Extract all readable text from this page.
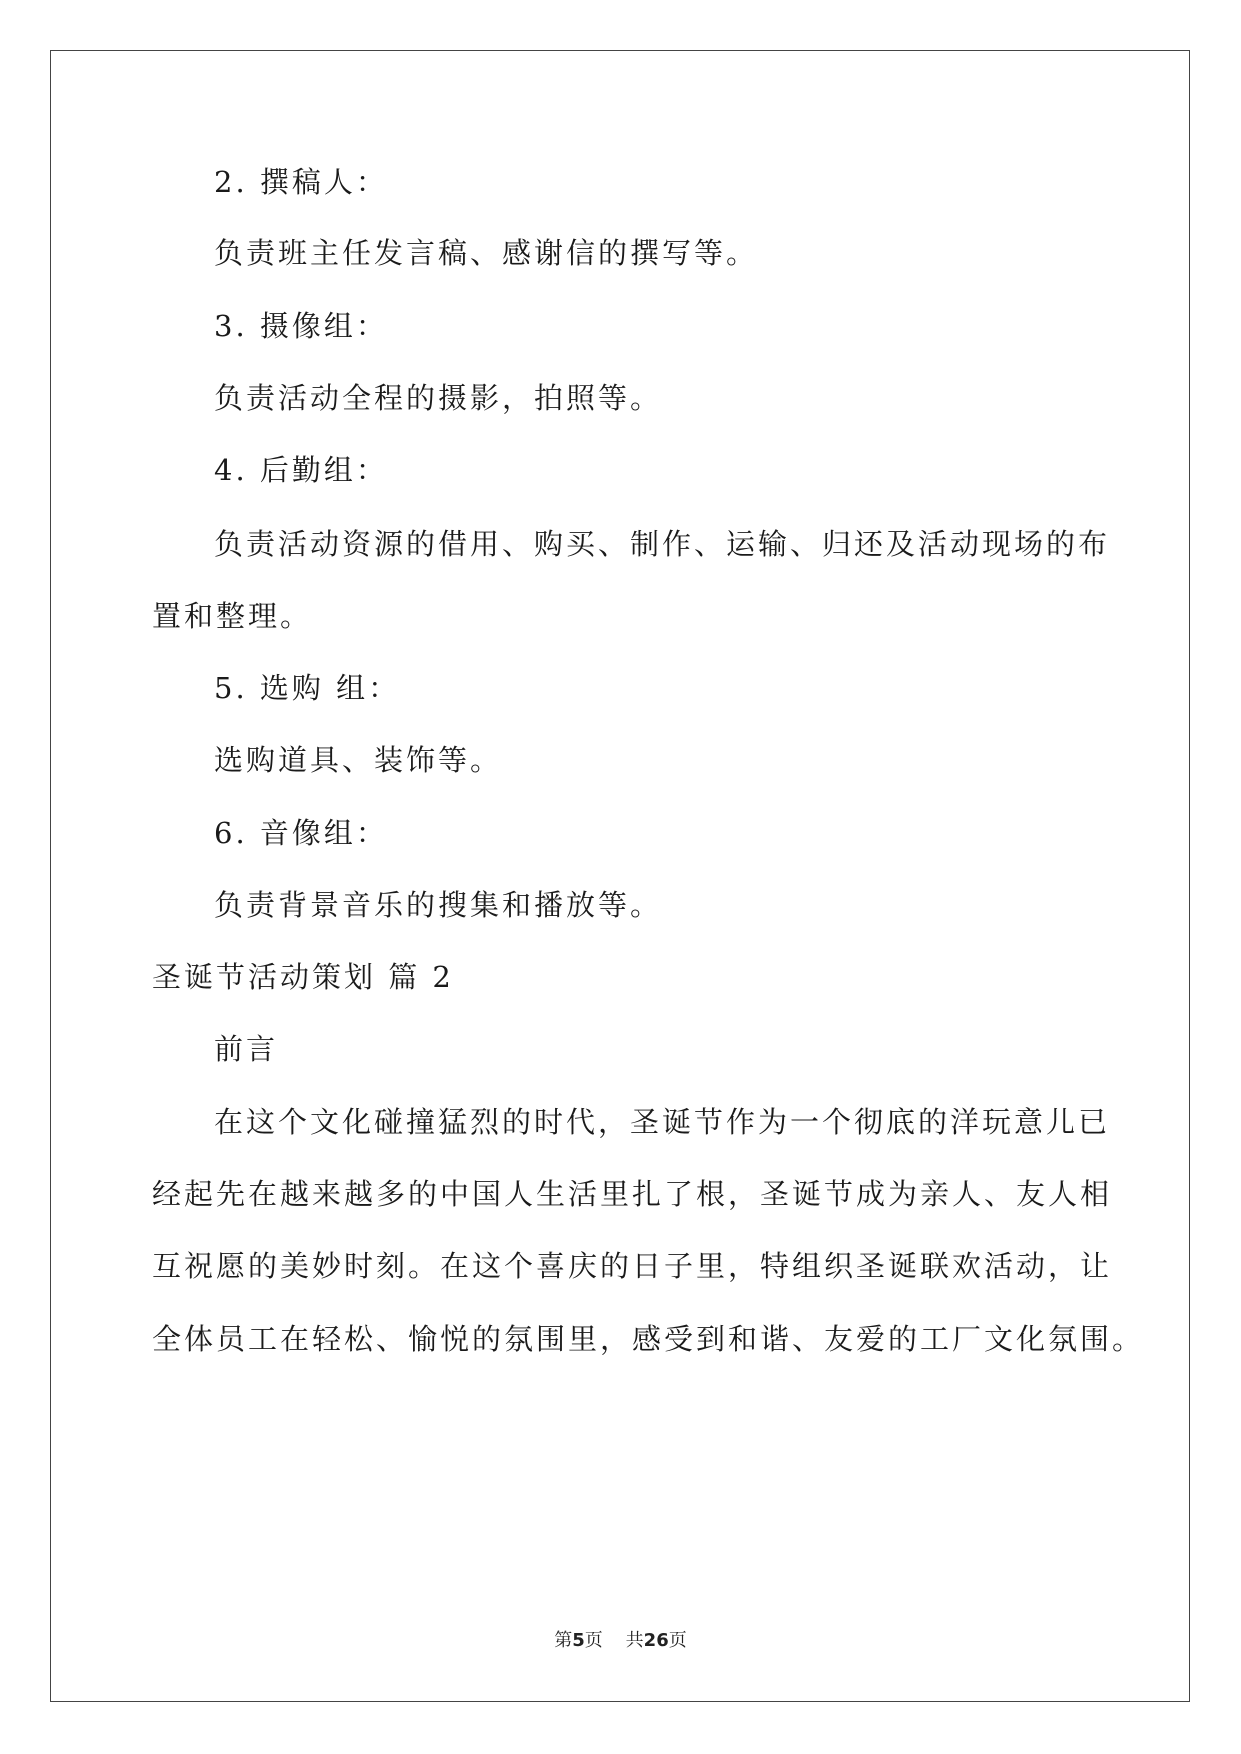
2. 撰稿人：

负责班主任发言稿、感谢信的撰写等。

3. 摄像组：

负责活动全程的摄影，拍照等。

4. 后勤组：

负责活动资源的借用、购买、制作、运输、归还及活动现场的布

置和整理。

5. 选购 组：

选购道具、装饰等。

6. 音像组：

负责背景音乐的搜集和播放等。

圣诞节活动策划 篇 2

前言

在这个文化碰撞猛烈的时代，圣诞节作为一个彻底的洋玩意儿已

经起先在越来越多的中国人生活里扎了根，圣诞节成为亲人、友人相

互祝愿的美妙时刻。在这个喜庆的日子里，特组织圣诞联欢活动，让

全体员工在轻松、愉悦的氛围里，感受到和谐、友爱的工厂文化氛围。

第5页 共26页
